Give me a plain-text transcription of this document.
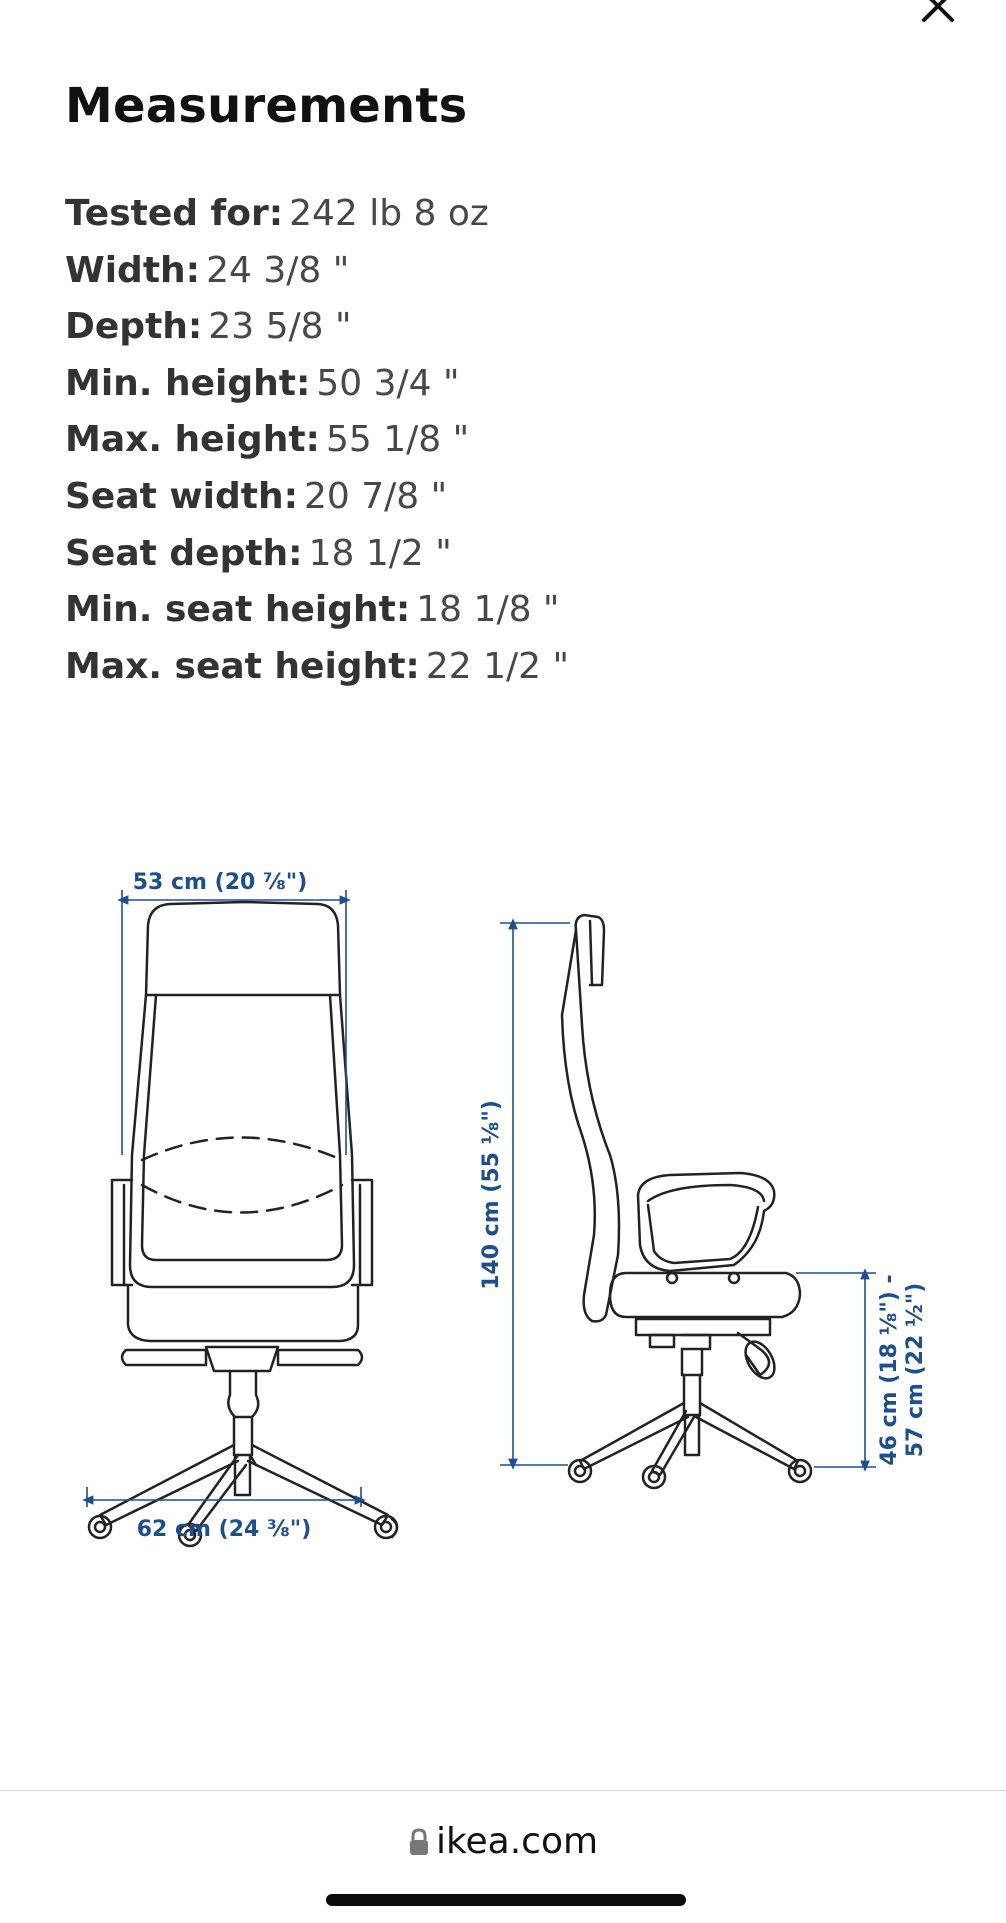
Measurements
Tested for: 242 lb 8 oz
Width: 24 3/8 "
Depth: 23 5/8 "
Min. height: 50 3/4 "
Max. height: 55 1/8 "
Seat width: 20 7/8 "
Seat depth: 18 1/2 "
Min. seat height: 18 1/8 "
Max. seat height: 22 1/2 "
53 cm (20 ⅞")
62 cm (24 ⅜")
140 cm (55 ⅛")
46 cm (18 ⅛") - 57 cm (22 ½")
ikea.com
